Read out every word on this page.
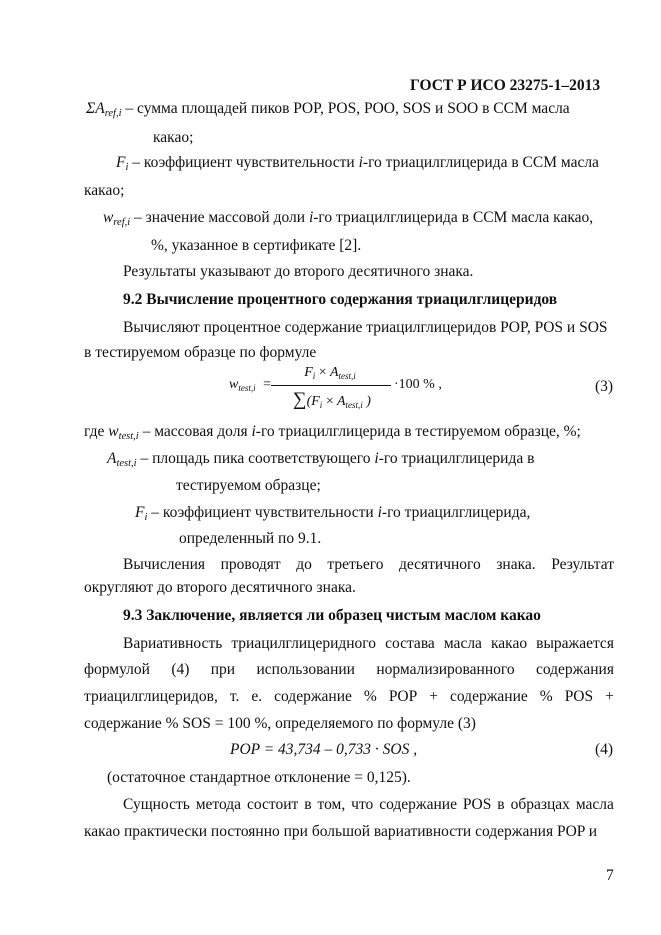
ГОСТ Р ИСО 23275-1–2013
$\Sigma A_{ref,i}$ – сумма площадей пиков POP, POS, POO, SOS и SOO в ССМ масла
какао;
$F_i$ – коэффициент чувствительности i-го триацилглицерида в ССМ масла
какао;
$w_{ref,i}$ – значение массовой доли i-го триацилглицерида в ССМ масла какао,
%, указанное в сертификате [2].
Результаты указывают до второго десятичного знака.
9.2 Вычисление процентного содержания триацилглицеридов
Вычисляют процентное содержание триацилглицеридов POP, POS и SOS
в тестируемом образце по формуле
$w_{test,i}$ =
$F_i \times A_{test,i}$
$\sum(F_i \times A_{test,i}$ )
·100 % ,	(3)
где $w_{test,i}$ – массовая доля i-го триацилглицерида в тестируемом образце, %;
$A_{test,i}$ – площадь пика соответствующего i-го триацилглицерида в
тестируемом образце;
$F_i$ – коэффициент чувствительности i-го триацилглицерида,
определенный по 9.1.
Вычисления проводят до третьего десятичного знака. Результат
округляют до второго десятичного знака.
9.3 Заключение, является ли образец чистым маслом какао
Вариативность триацилглицеридного состава масла какао выражается
формулой (4) при использовании нормализированного содержания
триацилглицеридов, т. е. содержание % POP + содержание % POS +
содержание % SOS = 100 %, определяемого по формуле (3)
POP = 43,734 – 0,733 · SOS ,	(4)
(остаточное стандартное отклонение = 0,125).
Сущность метода состоит в том, что содержание POS в образцах масла
какао практически постоянно при большой вариативности содержания POP и
7
